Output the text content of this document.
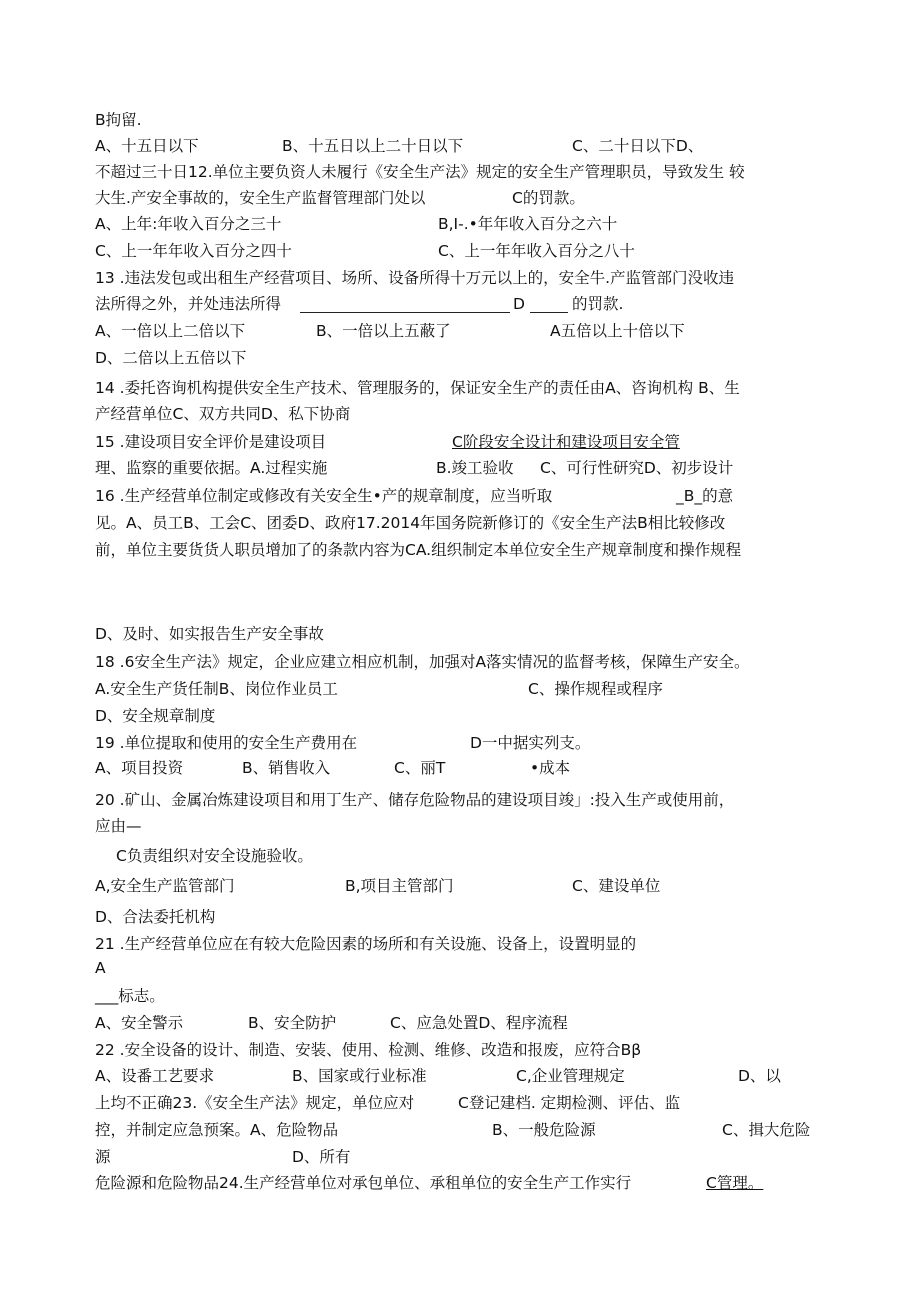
B拘留.
A、十五日以下	B、十五日以上二十日以下	C、二十日以下D、
不超过三十日12.单位主要负资人未履行《安全生产法》规定的安全生产管理职员，导致发生 较
大生.产安全事故的，安全生产监督管理部门处以	C的罚款。
A、上年:年收入百分之三十	B,I-.•年年收入百分之六十
C、上一年年收入百分之四十	C、上一年年收入百分之八十
13 .违法发包或出租生产经营项目、场所、设备所得十万元以上的，安全牛.产监管部门没收违
法所得之外，并处违法所得	D	的罚款.
A、一倍以上二倍以下	B、一倍以上五蔽了	A五倍以上十倍以下
D、二倍以上五倍以下
14 .委托咨询机构提供安全生产技术、管理服务的，保证安全生产的责任由A、咨询机构 B、生
产经营单位C、双方共同D、私下协商
15 .建设项目安全评价是建设项目	C阶段安全设计和建设项目安全管
理、监察的重要依据。A.过程实施	B.竣工验收 C、可行性研究D、初步设计
16 .生产经营单位制定或修改有关安全生•产的规章制度，应当听取	_B_的意
见。A、员工B、工会C、团委D、政府17.2014年国务院新修订的《安全生产法B相比较修改
前，单位主要货货人职员增加了的条款内容为CA.组织制定本单位安全生产规章制度和操作规程
D、及时、如实报告生产安全事故
18 .6安全生产法》规定，企业应建立相应机制，加强对A落实情况的监督考核，保障生产安全。
A.安全生产货任制B、岗位作业员工	C、操作规程或程序
D、安全规章制度
19 .单位提取和使用的安全生产费用在	D一中据实列支。
A、项目投资	B、销售收入	C、丽T	•成本
20 .矿山、金属冶炼建设项目和用丁生产、储存危险物品的建设项目竣」:投入生产或使用前，
应由—
C负责组织对安全设施验收。
A,安全生产监管部门	B,项目主管部门	C、建设单位
D、合法委托机构
21 .生产经营单位应在有较大危险因素的场所和有关设施、设备上，设置明显的
A
___标志。
A、安全警示	B、安全防护	C、应急处置D、程序流程
22 .安全设备的设计、制造、安装、使用、检测、维修、改造和报废，应符合Bβ
A、设番工艺要求	B、国家或行业标准	C,企业管理规定	D、以
上均不正确23.《安全生产法》规定，单位应对	C登记建档. 定期检测、评估、监
控，并制定应急预案。A、危险物品	B、一般危险源	C、揖大危险
源	D、所有
危险源和危险物品24.生产经营单位对承包单位、承租单位的安全生产工作实行	C管理。
